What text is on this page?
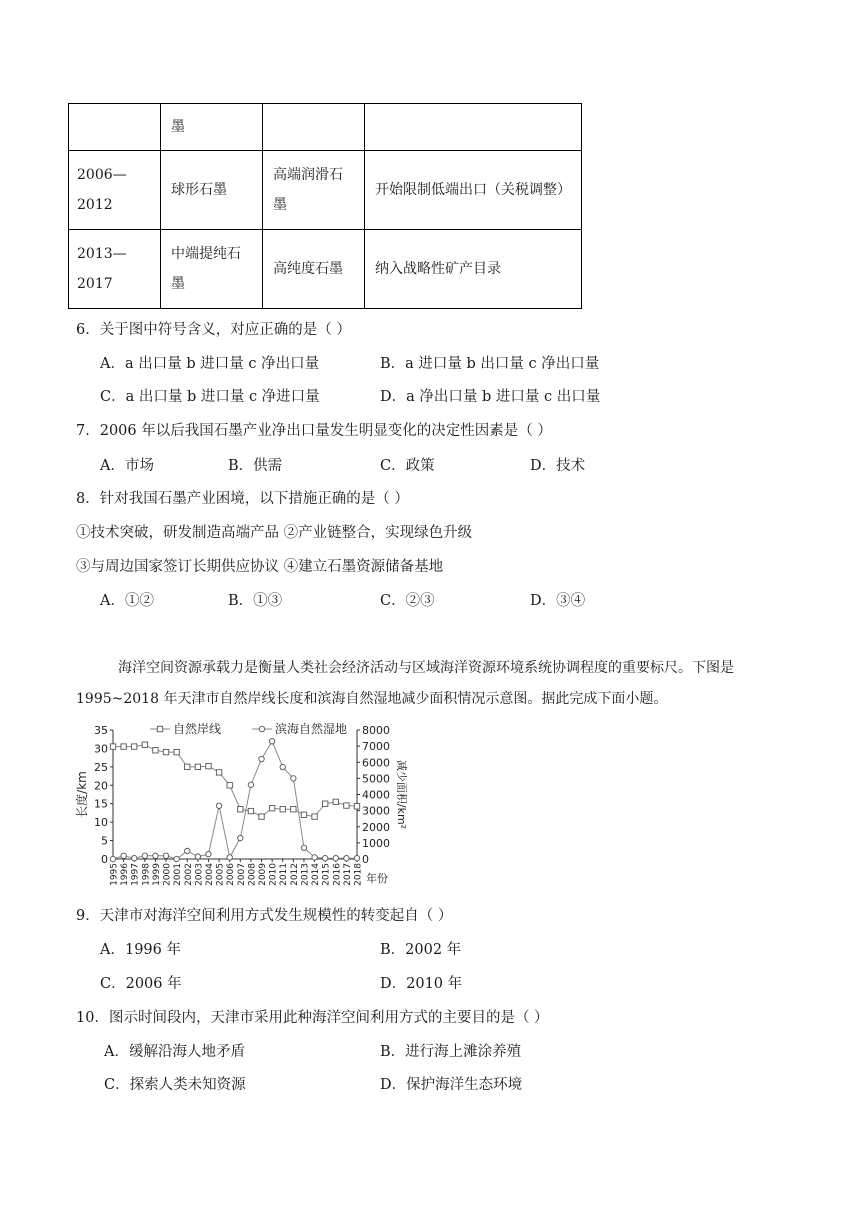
	墨		
2006—2012	球形石墨	高端润滑石墨	开始限制低端出口（关税调整）
2013—2017	中端提纯石墨	高纯度石墨	纳入战略性矿产目录
6．关于图中符号含义，对应正确的是（ ）
A．a 出口量 b 进口量 c 净出口量	B．a 进口量 b 出口量 c 净出口量
C．a 出口量 b 进口量 c 净进口量	D．a 净出口量 b 进口量 c 出口量
7．2006 年以后我国石墨产业净出口量发生明显变化的决定性因素是（ ）
A．市场	B．供需	C．政策	D．技术
8．针对我国石墨产业困境，以下措施正确的是（ ）
①技术突破，研发制造高端产品 ②产业链整合，实现绿色升级
③与周边国家签订长期供应协议 ④建立石墨资源储备基地
A．①②	B．①③	C．②③	D．③④
海洋空间资源承载力是衡量人类社会经济活动与区域海洋资源环境系统协调程度的重要标尺。下图是
1995~2018 年天津市自然岸线长度和滨海自然湿地减少面积情况示意图。据此完成下面小题。
0
5
10
15
20
25
30
35
0
1000
2000
3000
4000
5000
6000
7000
8000
1995 1996 1997 1998 1999 2000 2001 2002 2003 2004 2005 2006 2007 2008 2009 2010 2011 2012 2013 2014 2015 2016 2017 2018
长度/km	减少面积/km²
年份
自然岸线	滨海自然湿地
9．天津市对海洋空间利用方式发生规模性的转变起自（ ）
A．1996 年	B．2002 年
C．2006 年	D．2010 年
10．图示时间段内，天津市采用此种海洋空间利用方式的主要目的是（ ）
A．缓解沿海人地矛盾	B．进行海上滩涂养殖
C．探索人类未知资源	D．保护海洋生态环境
